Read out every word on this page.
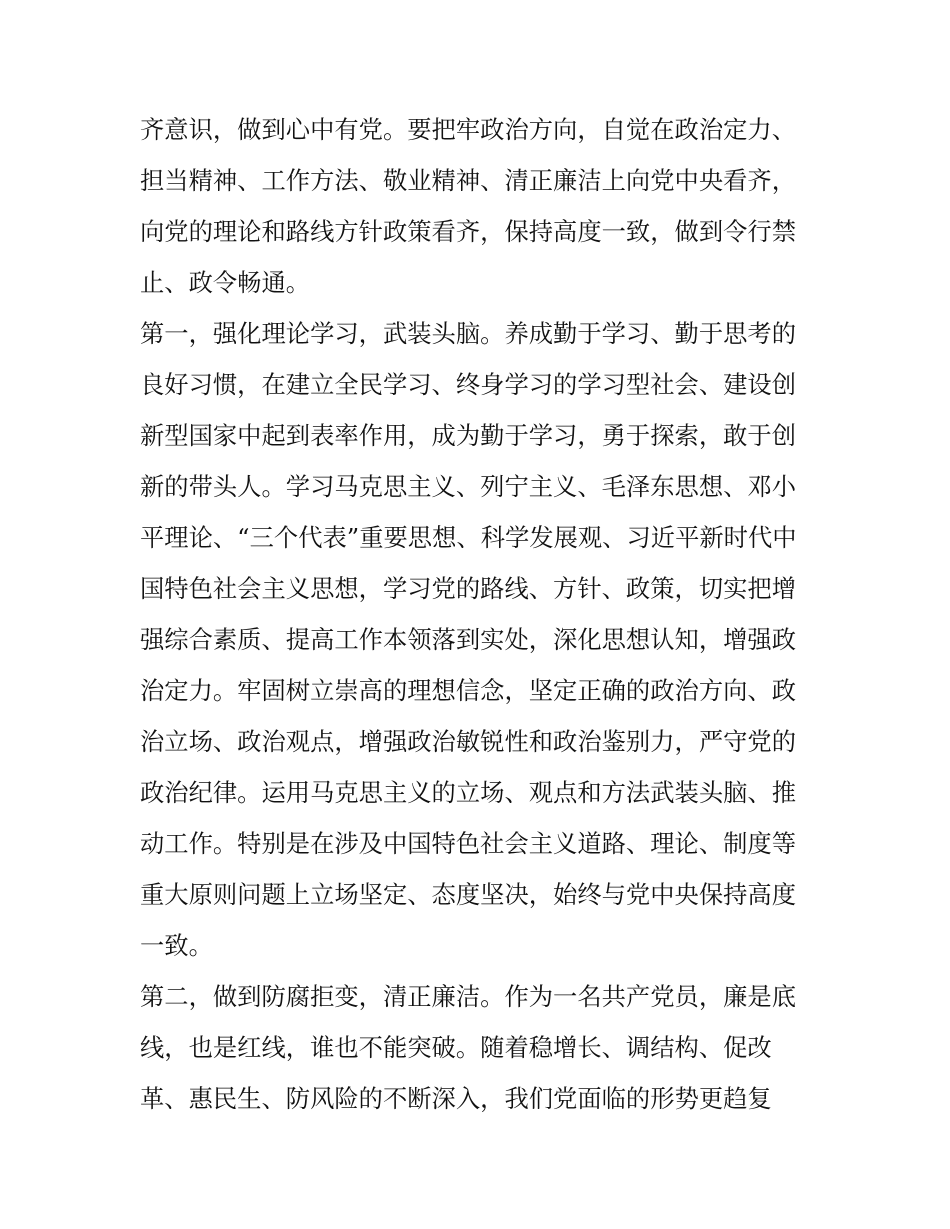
齐意识，做到心中有党。要把牢政治方向，自觉在政治定力、
担当精神、工作方法、敬业精神、清正廉洁上向党中央看齐，
向党的理论和路线方针政策看齐，保持高度一致，做到令行禁
止、政令畅通。
第一，强化理论学习，武装头脑。养成勤于学习、勤于思考的
良好习惯，在建立全民学习、终身学习的学习型社会、建设创
新型国家中起到表率作用，成为勤于学习，勇于探索，敢于创
新的带头人。学习马克思主义、列宁主义、毛泽东思想、邓小
平理论、“三个代表”重要思想、科学发展观、习近平新时代中
国特色社会主义思想，学习党的路线、方针、政策，切实把增
强综合素质、提高工作本领落到实处，深化思想认知，增强政
治定力。牢固树立崇高的理想信念，坚定正确的政治方向、政
治立场、政治观点，增强政治敏锐性和政治鉴别力，严守党的
政治纪律。运用马克思主义的立场、观点和方法武装头脑、推
动工作。特别是在涉及中国特色社会主义道路、理论、制度等
重大原则问题上立场坚定、态度坚决，始终与党中央保持高度
一致。
第二，做到防腐拒变，清正廉洁。作为一名共产党员，廉是底
线，也是红线，谁也不能突破。随着稳增长、调结构、促改
革、惠民生、防风险的不断深入，我们党面临的形势更趋复
